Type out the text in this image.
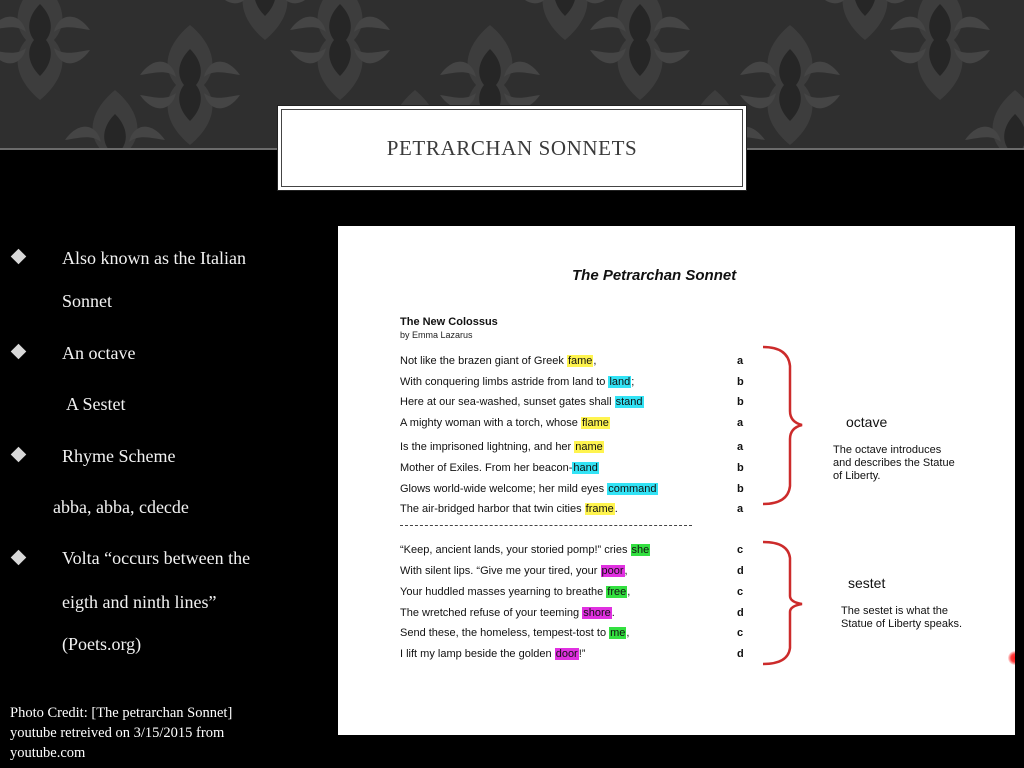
PETRARCHAN SONNETS
Also known as the Italian
Sonnet
An octave
A Sestet
Rhyme Scheme
abba, abba, cdecde
Volta “occurs between the
eigth and ninth lines”
(Poets.org)
Photo Credit: [The petrarchan Sonnet] youtube retreived on 3/15/2015 from youtube.com
The Petrarchan Sonnet
The New Colossus
by Emma Lazarus
Not like the brazen giant of Greek fame,	a
With conquering limbs astride from land to land;	b
Here at our sea-washed, sunset gates shall stand	b
A mighty woman with a torch, whose flame	a
Is the imprisoned lightning, and her name	a
Mother of Exiles. From her beacon-hand	b
Glows world-wide welcome; her mild eyes command	b
The air-bridged harbor that twin cities frame.	a
“Keep, ancient lands, your storied pomp!” cries she	c
With silent lips. “Give me your tired, your poor,	d
Your huddled masses yearning to breathe free,	c
The wretched refuse of your teeming shore.	d
Send these, the homeless, tempest-tost to me,	c
I lift my lamp beside the golden door!”	d
octave
The octave introduces and describes the Statue of Liberty.
sestet
The sestet is what the Statue of Liberty speaks.
